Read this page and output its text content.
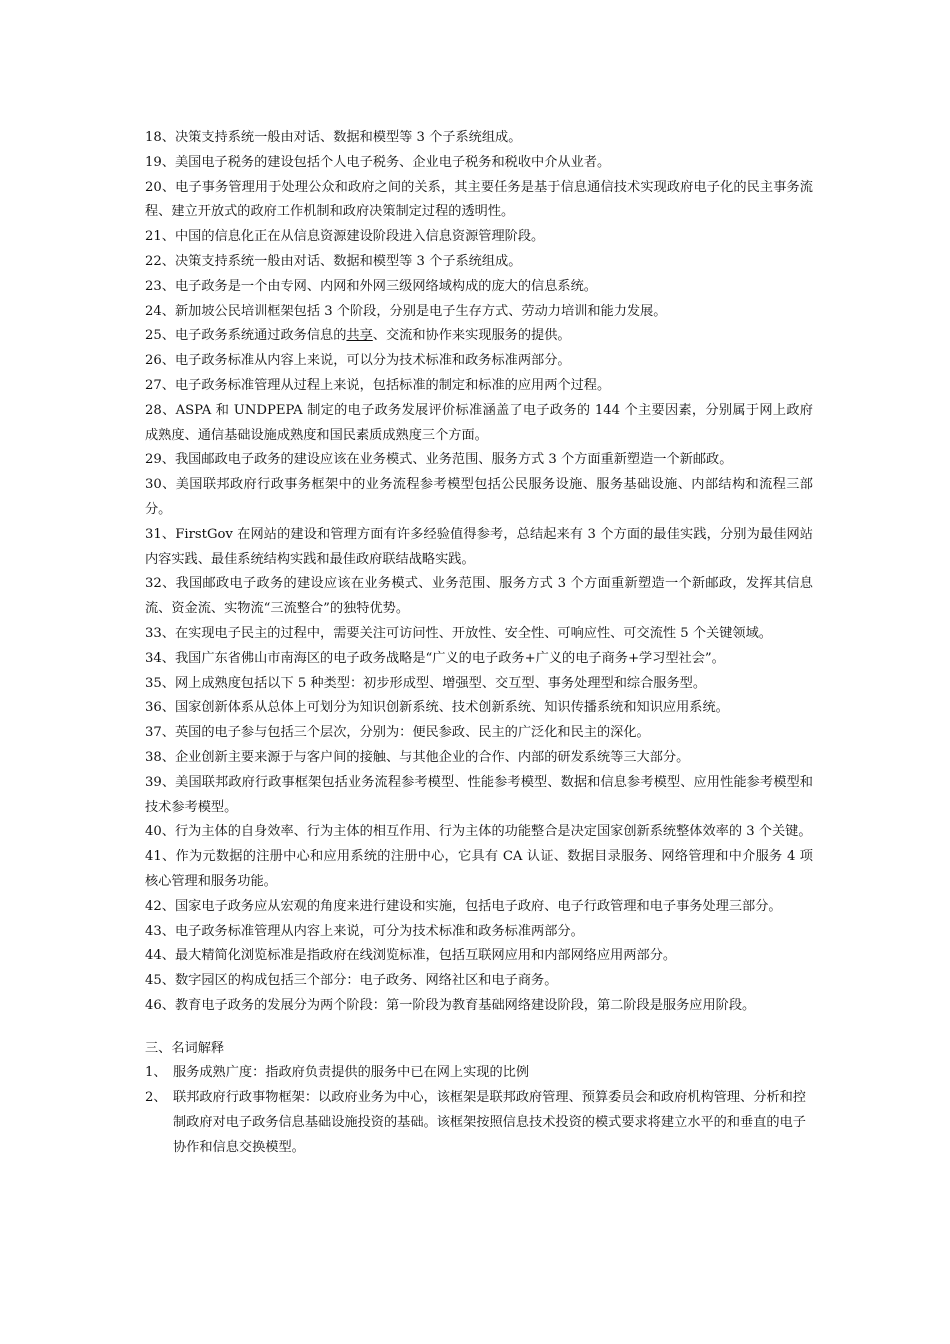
18、决策支持系统一般由对话、数据和模型等 3 个子系统组成。

19、美国电子税务的建设包括个人电子税务、企业电子税务和税收中介从业者。

20、电子事务管理用于处理公众和政府之间的关系，其主要任务是基于信息通信技术实现政府电子化的民主事务流程、建立开放式的政府工作机制和政府决策制定过程的透明性。

21、中国的信息化正在从信息资源建设阶段进入信息资源管理阶段。

22、决策支持系统一般由对话、数据和模型等 3 个子系统组成。

23、电子政务是一个由专网、内网和外网三级网络域构成的庞大的信息系统。

24、新加坡公民培训框架包括 3 个阶段，分别是电子生存方式、劳动力培训和能力发展。

25、电子政务系统通过政务信息的共享、交流和协作来实现服务的提供。

26、电子政务标准从内容上来说，可以分为技术标准和政务标准两部分。

27、电子政务标准管理从过程上来说，包括标准的制定和标准的应用两个过程。

28、ASPA 和 UNDPEPA 制定的电子政务发展评价标准涵盖了电子政务的 144 个主要因素，分别属于网上政府成熟度、通信基础设施成熟度和国民素质成熟度三个方面。

29、我国邮政电子政务的建设应该在业务模式、业务范围、服务方式 3 个方面重新塑造一个新邮政。

30、美国联邦政府行政事务框架中的业务流程参考模型包括公民服务设施、服务基础设施、内部结构和流程三部分。

31、FirstGov 在网站的建设和管理方面有许多经验值得参考，总结起来有 3 个方面的最佳实践，分别为最佳网站内容实践、最佳系统结构实践和最佳政府联结战略实践。

32、我国邮政电子政务的建设应该在业务模式、业务范围、服务方式 3 个方面重新塑造一个新邮政，发挥其信息流、资金流、实物流“三流整合”的独特优势。

33、在实现电子民主的过程中，需要关注可访问性、开放性、安全性、可响应性、可交流性 5 个关键领域。

34、我国广东省佛山市南海区的电子政务战略是“广义的电子政务+广义的电子商务+学习型社会”。

35、网上成熟度包括以下 5 种类型：初步形成型、增强型、交互型、事务处理型和综合服务型。

36、国家创新体系从总体上可划分为知识创新系统、技术创新系统、知识传播系统和知识应用系统。

37、英国的电子参与包括三个层次，分别为：便民参政、民主的广泛化和民主的深化。

38、企业创新主要来源于与客户间的接触、与其他企业的合作、内部的研发系统等三大部分。

39、美国联邦政府行政事框架包括业务流程参考模型、性能参考模型、数据和信息参考模型、应用性能参考模型和技术参考模型。

40、行为主体的自身效率、行为主体的相互作用、行为主体的功能整合是决定国家创新系统整体效率的 3 个关键。

41、作为元数据的注册中心和应用系统的注册中心，它具有 CA 认证、数据目录服务、网络管理和中介服务 4 项核心管理和服务功能。

42、国家电子政务应从宏观的角度来进行建设和实施，包括电子政府、电子行政管理和电子事务处理三部分。

43、电子政务标准管理从内容上来说，可分为技术标准和政务标准两部分。

44、最大精简化浏览标准是指政府在线浏览标准，包括互联网应用和内部网络应用两部分。

45、数字园区的构成包括三个部分：电子政务、网络社区和电子商务。

46、教育电子政务的发展分为两个阶段：第一阶段为教育基础网络建设阶段，第二阶段是服务应用阶段。

三、名词解释

1、 服务成熟广度：指政府负责提供的服务中已在网上实现的比例
2、 联邦政府行政事物框架：以政府业务为中心，该框架是联邦政府管理、预算委员会和政府机构管理、分析和控制政府对电子政务信息基础设施投资的基础。该框架按照信息技术投资的模式要求将建立水平的和垂直的电子协作和信息交换模型。
